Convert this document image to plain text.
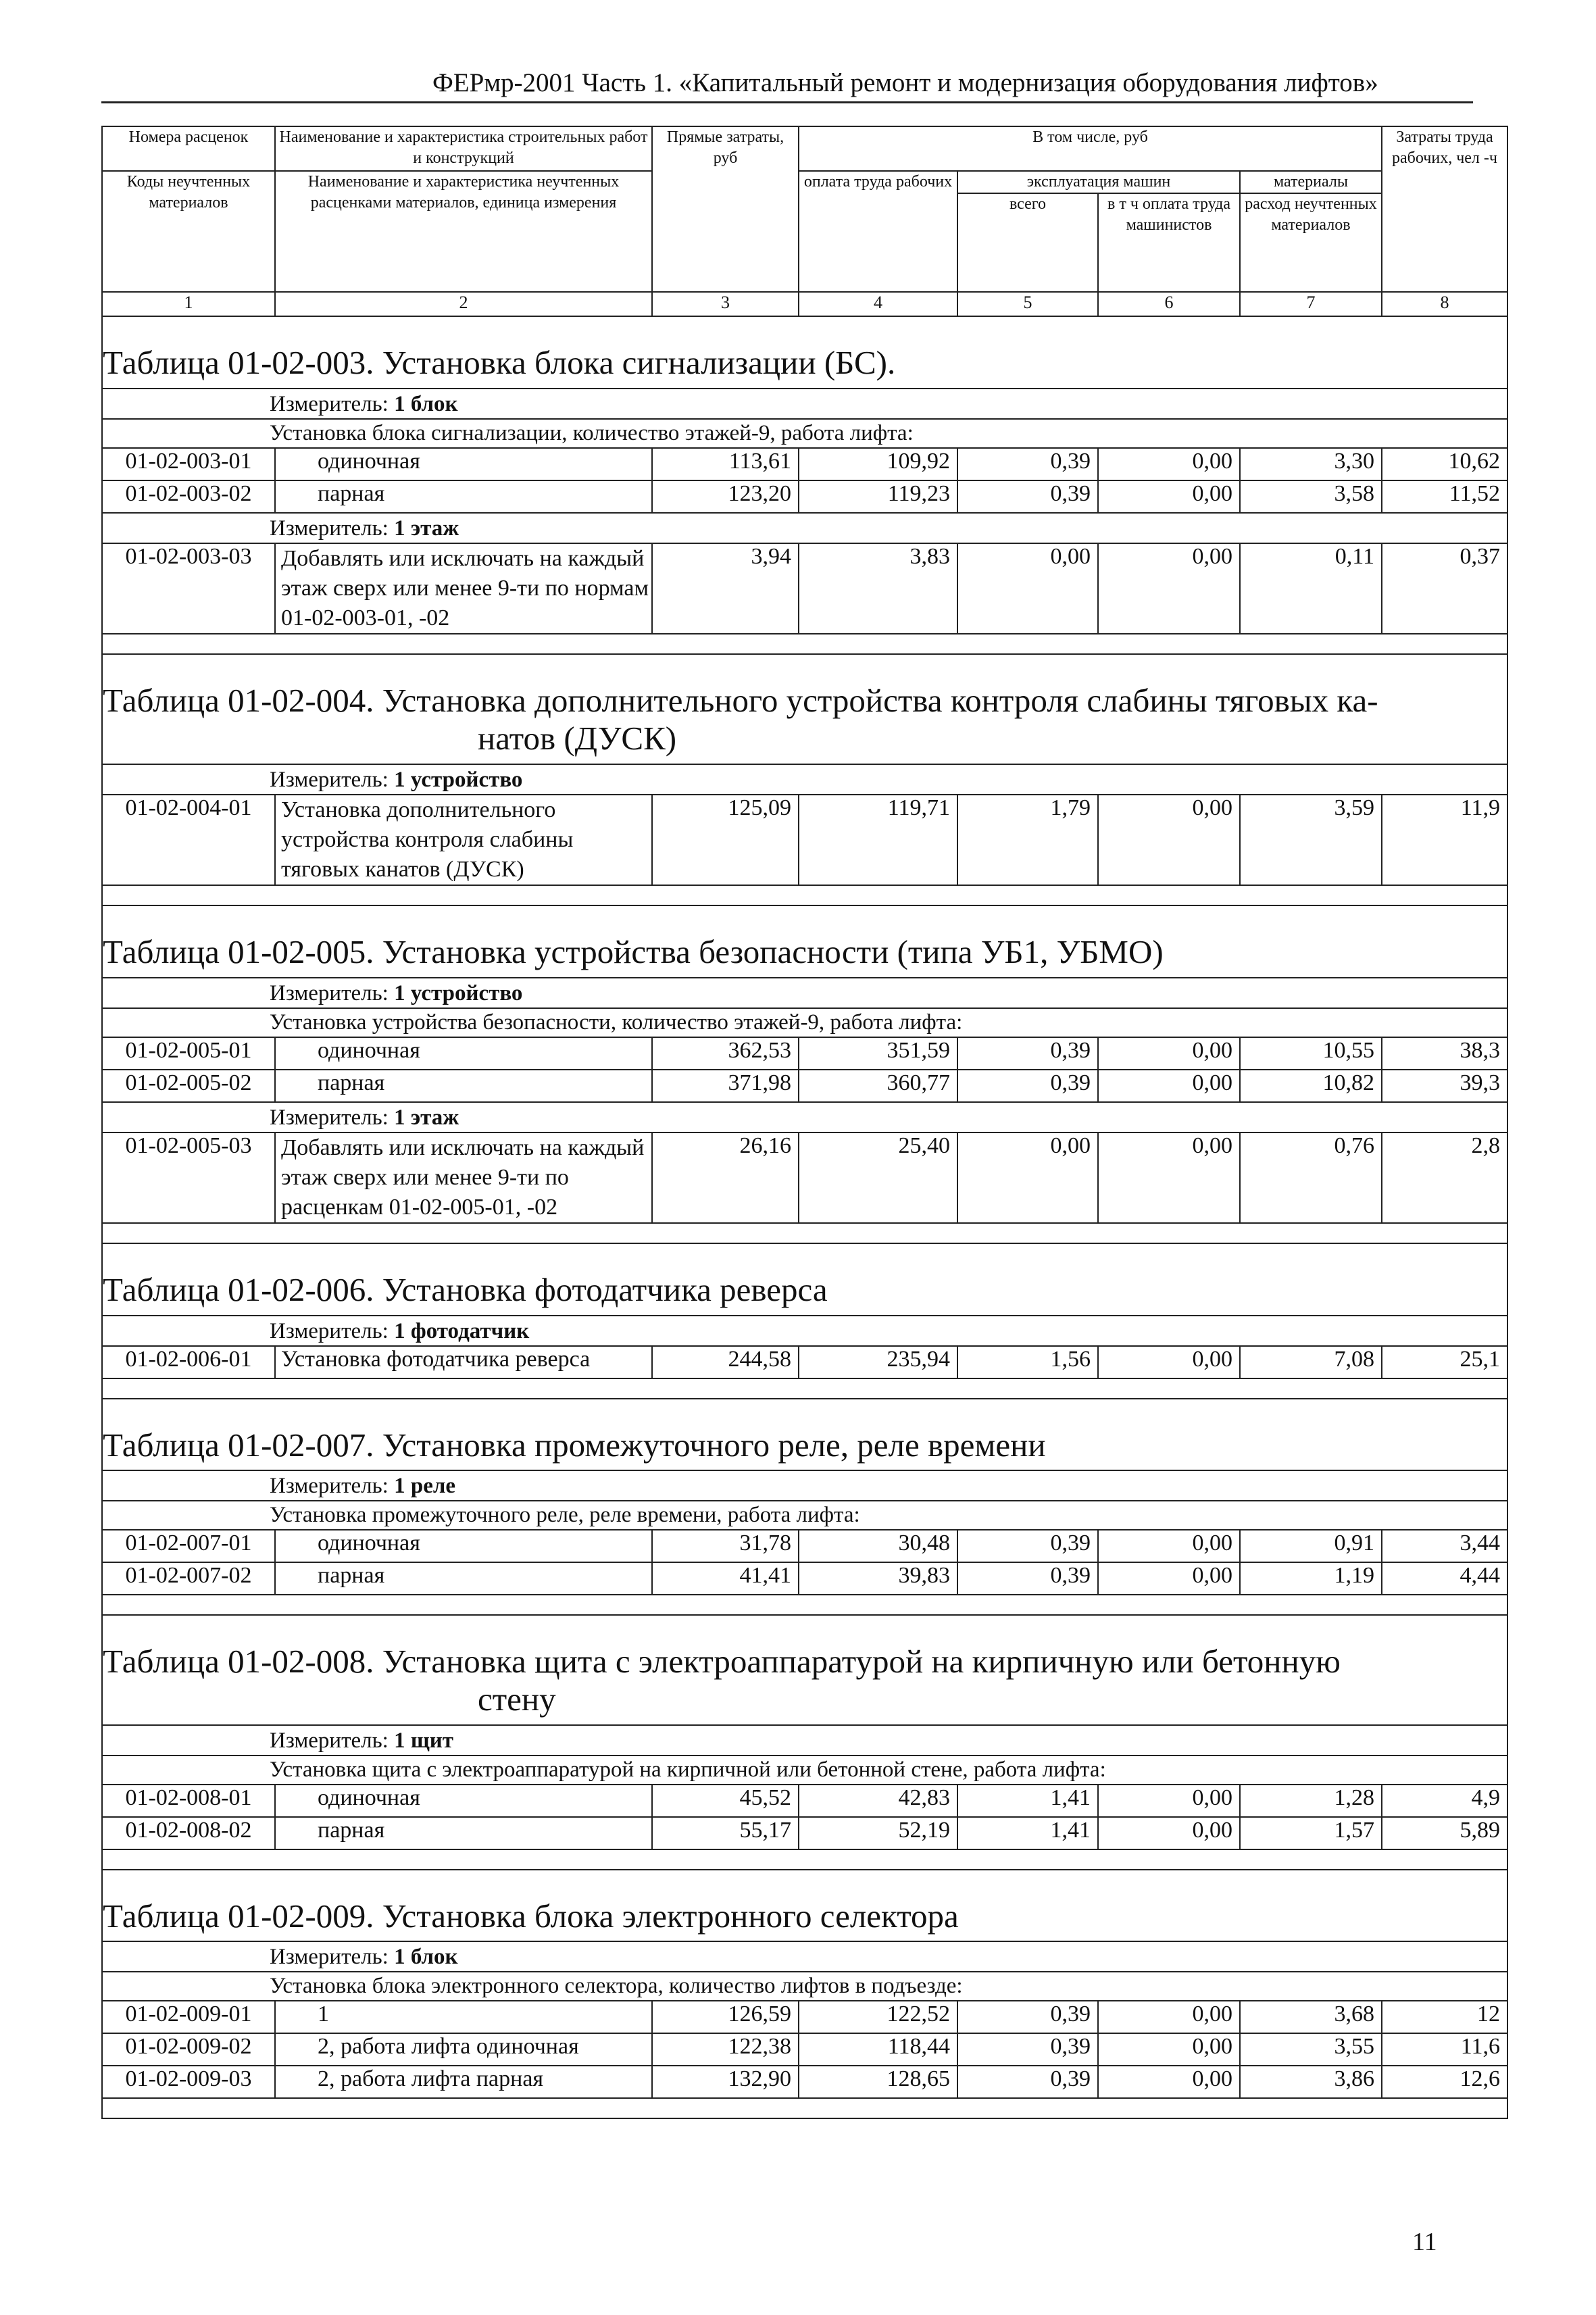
ФЕРмр-2001 Часть 1. «Капитальный ремонт и модернизация оборудования лифтов»
Номера расценок	Наименование и характеристика строительных работ и конструкций	Прямые затраты, руб	В том числе, руб				Затраты труда рабочих, чел -ч
Коды неучтенных материалов	Наименование и характеристика неучтенных расценками материалов, единица измерения		оплата труда рабочих	эксплуатация машин		материалы	
				всего	в т ч оплата труда машинистов	расход неучтенных материалов	
1	2	3	4	5	6	7	8
Таблица 01-02-003. Установка блока сигнализации (БС).							
Измеритель: 1 блок							
Установка блока сигнализации, количество этажей-9, работа лифта:							
01-02-003-01	одиночная	113,61	109,92	0,39	0,00	3,30	10,62
01-02-003-02	парная	123,20	119,23	0,39	0,00	3,58	11,52
Измеритель: 1 этаж							
01-02-003-03	Добавлять или исключать на каждый этаж сверх или менее 9-ти по нормам 01-02-003-01, -02	3,94	3,83	0,00	0,00	0,11	0,37

Таблица 01-02-004. Установка дополнительного устройства контроля слабины тяговых ка-
натов (ДУСК)							

Измеритель: 1 устройство							
01-02-004-01	Установка дополнительного устройства контроля слабины тяговых канатов (ДУСК)	125,09	119,71	1,79	0,00	3,59	11,9

Таблица 01-02-005. Установка устройства безопасности (типа УБ1, УБМО)							
Измеритель: 1 устройство							
Установка устройства безопасности, количество этажей-9, работа лифта:							
01-02-005-01	одиночная	362,53	351,59	0,39	0,00	10,55	38,3
01-02-005-02	парная	371,98	360,77	0,39	0,00	10,82	39,3
Измеритель: 1 этаж							
01-02-005-03	Добавлять или исключать на каждый этаж сверх или менее 9-ти по расценкам 01-02-005-01, -02	26,16	25,40	0,00	0,00	0,76	2,8

Таблица 01-02-006. Установка фотодатчика реверса							
Измеритель: 1 фотодатчик							
01-02-006-01	Установка фотодатчика реверса	244,58	235,94	1,56	0,00	7,08	25,1

Таблица 01-02-007. Установка промежуточного реле, реле времени							
Измеритель: 1 реле							
Установка промежуточного реле, реле времени, работа лифта:							
01-02-007-01	одиночная	31,78	30,48	0,39	0,00	0,91	3,44
01-02-007-02	парная	41,41	39,83	0,39	0,00	1,19	4,44

Таблица 01-02-008. Установка щита с электроаппаратурой на кирпичную или бетонную
стену							

Измеритель: 1 щит							
Установка щита с электроаппаратурой на кирпичной или бетонной стене, работа лифта:							
01-02-008-01	одиночная	45,52	42,83	1,41	0,00	1,28	4,9
01-02-008-02	парная	55,17	52,19	1,41	0,00	1,57	5,89

Таблица 01-02-009. Установка блока электронного селектора							
Измеритель: 1 блок							
Установка блока электронного селектора, количество лифтов в подъезде:							
01-02-009-01	1	126,59	122,52	0,39	0,00	3,68	12
01-02-009-02	2, работа лифта одиночная	122,38	118,44	0,39	0,00	3,55	11,6
01-02-009-03	2, работа лифта парная	132,90	128,65	0,39	0,00	3,86	12,6

11
